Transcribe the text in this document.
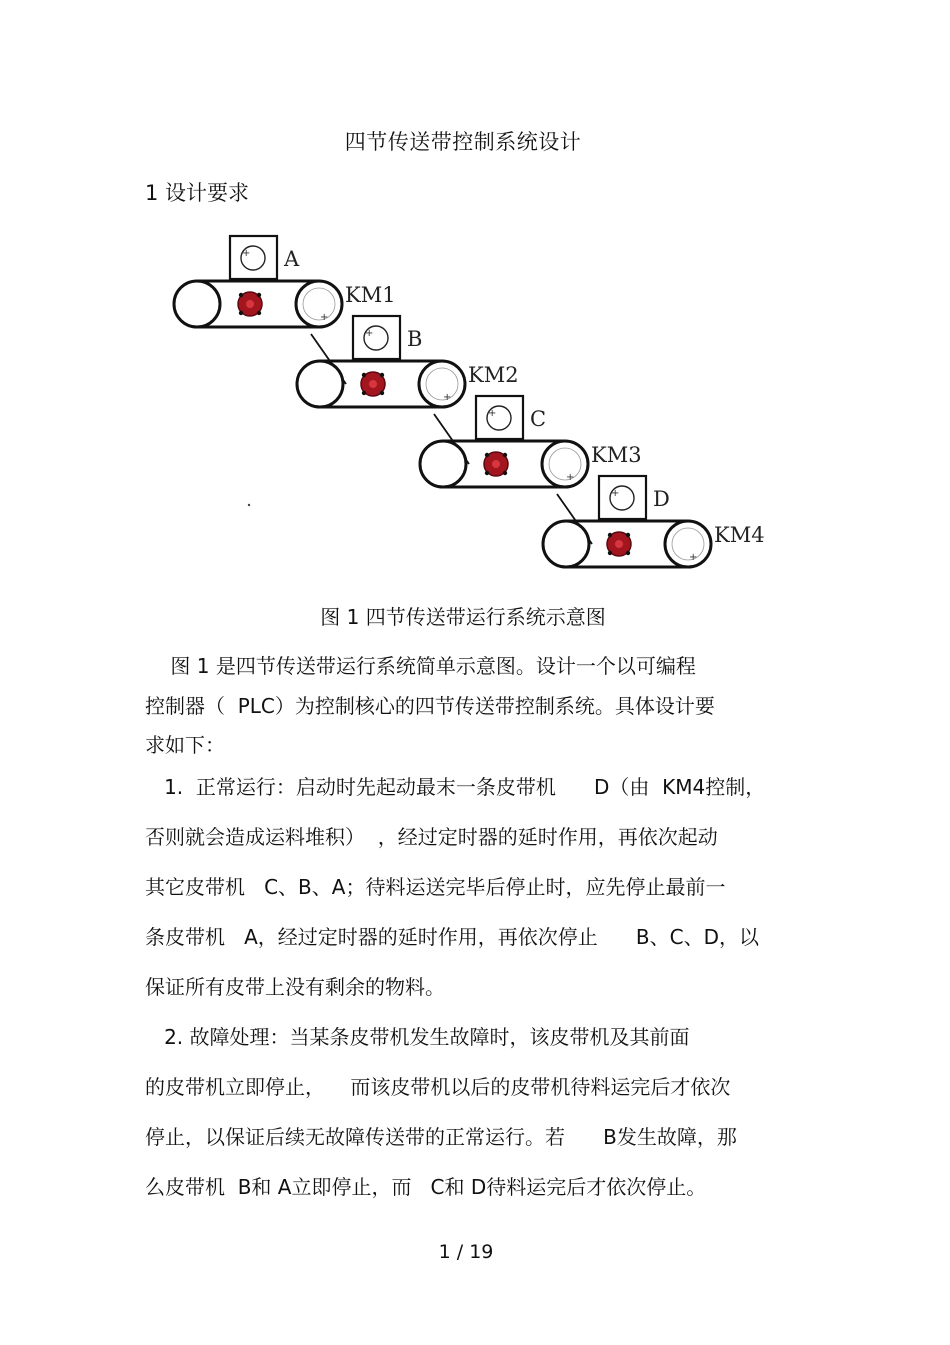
四节传送带控制系统设计
1 设计要求
+
+ A
KM1
+
+ B
KM2
+
+ C
KM3
+
+ D
KM4
图 1 四节传送带运行系统示意图
图 1 是四节传送带运行系统简单示意图。设计一个以可编程
控制器（  PLC）为控制核心的四节传送带控制系统。具体设计要
求如下：
1.  正常运行：启动时先起动最末一条皮带机      D（由  KM4控制，
否则就会造成运料堆积）  ，经过定时器的延时作用，再依次起动
其它皮带机   C、B、A；待料运送完毕后停止时，应先停止最前一
条皮带机   A，经过定时器的延时作用，再依次停止      B、C、D，以
保证所有皮带上没有剩余的物料。
2. 故障处理：当某条皮带机发生故障时，该皮带机及其前面
的皮带机立即停止，    而该皮带机以后的皮带机待料运完后才依次
停止，以保证后续无故障传送带的正常运行。若      B发生故障，那
么皮带机  B和 A立即停止，而   C和 D待料运完后才依次停止。
1 / 19
